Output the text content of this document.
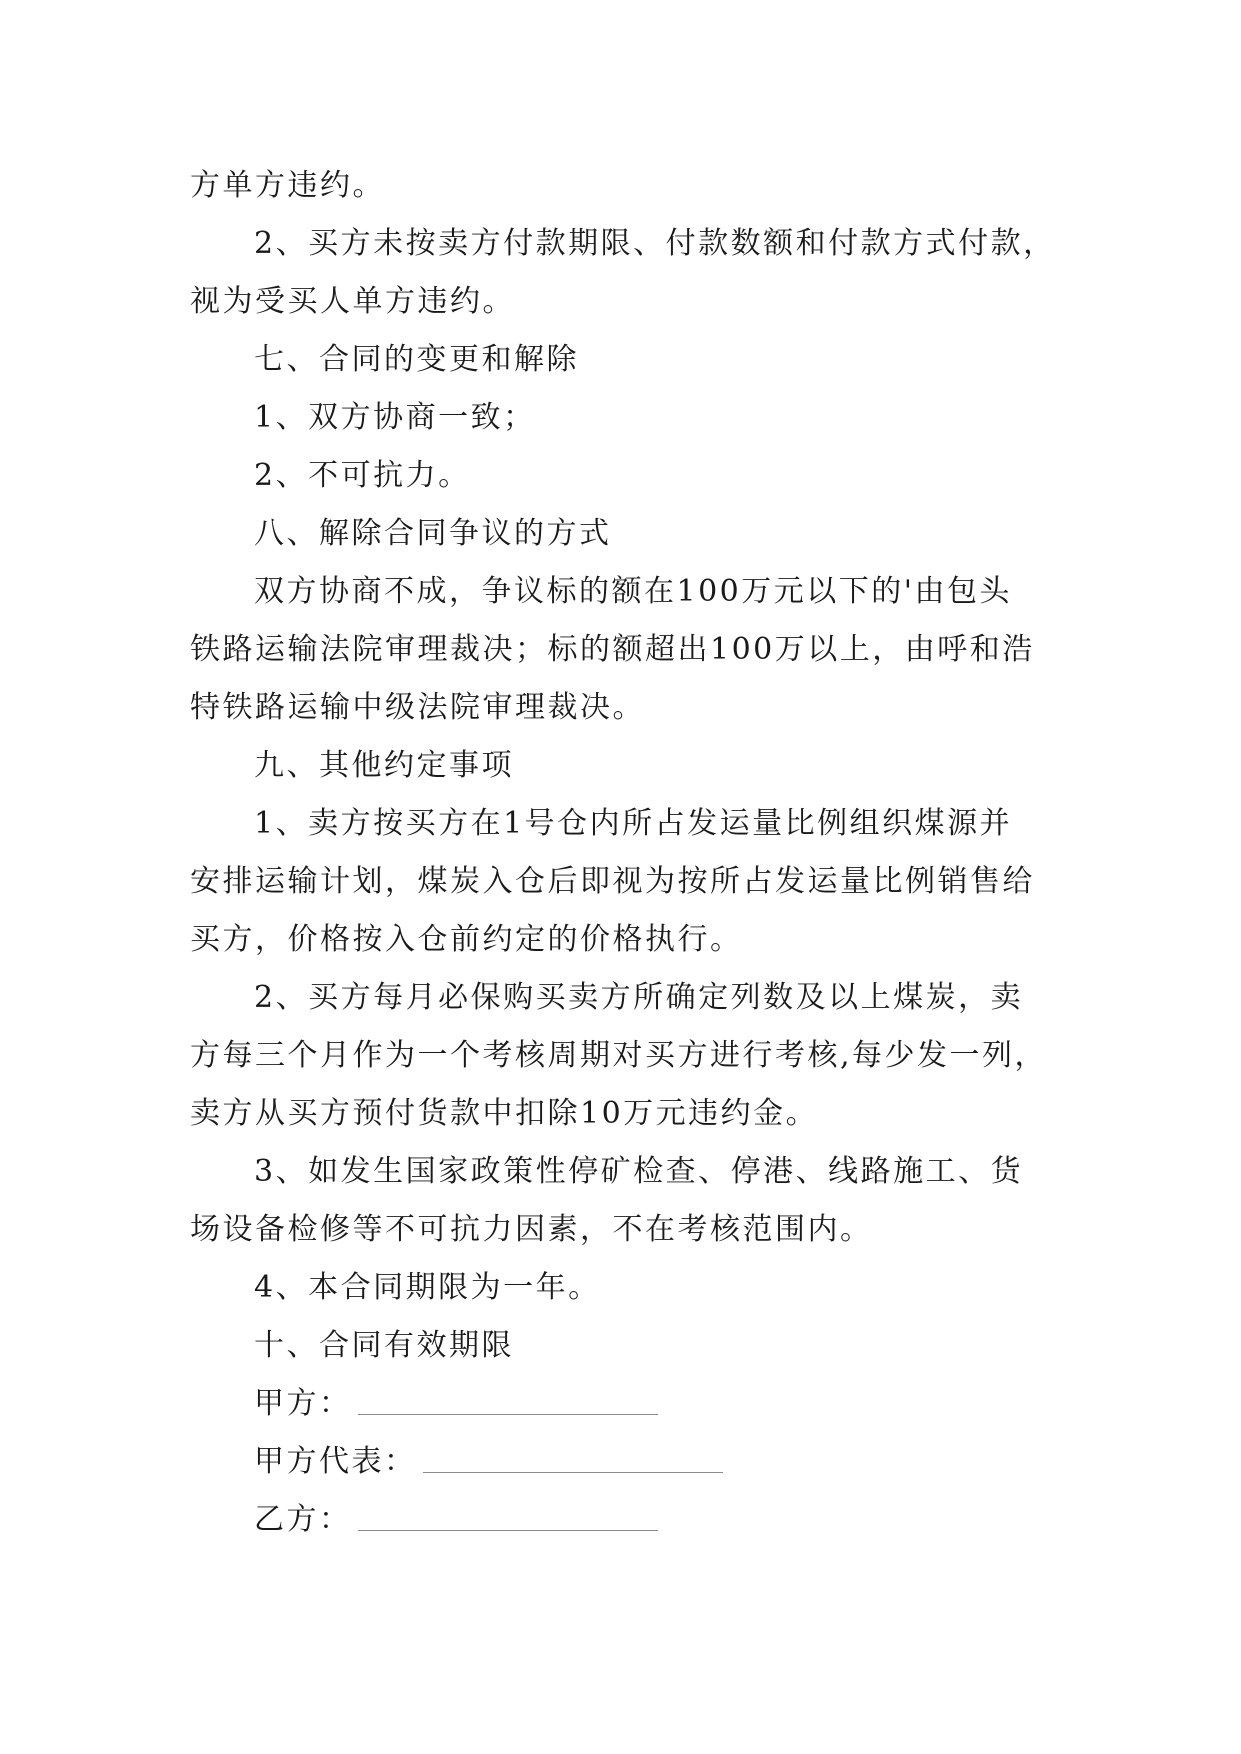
方单方违约。
2、买方未按卖方付款期限、付款数额和付款方式付款，
视为受买人单方违约。
七、合同的变更和解除
1、双方协商一致；
2、不可抗力。
八、解除合同争议的方式
双方协商不成，争议标的额在100万元以下的'由包头
铁路运输法院审理裁决；标的额超出100万以上，由呼和浩
特铁路运输中级法院审理裁决。
九、其他约定事项
1、卖方按买方在1号仓内所占发运量比例组织煤源并
安排运输计划，煤炭入仓后即视为按所占发运量比例销售给
买方，价格按入仓前约定的价格执行。
2、买方每月必保购买卖方所确定列数及以上煤炭，卖
方每三个月作为一个考核周期对买方进行考核,每少发一列，
卖方从买方预付货款中扣除10万元违约金。
3、如发生国家政策性停矿检查、停港、线路施工、货
场设备检修等不可抗力因素，不在考核范围内。
4、本合同期限为一年。
十、合同有效期限
甲方：
甲方代表：
乙方：
